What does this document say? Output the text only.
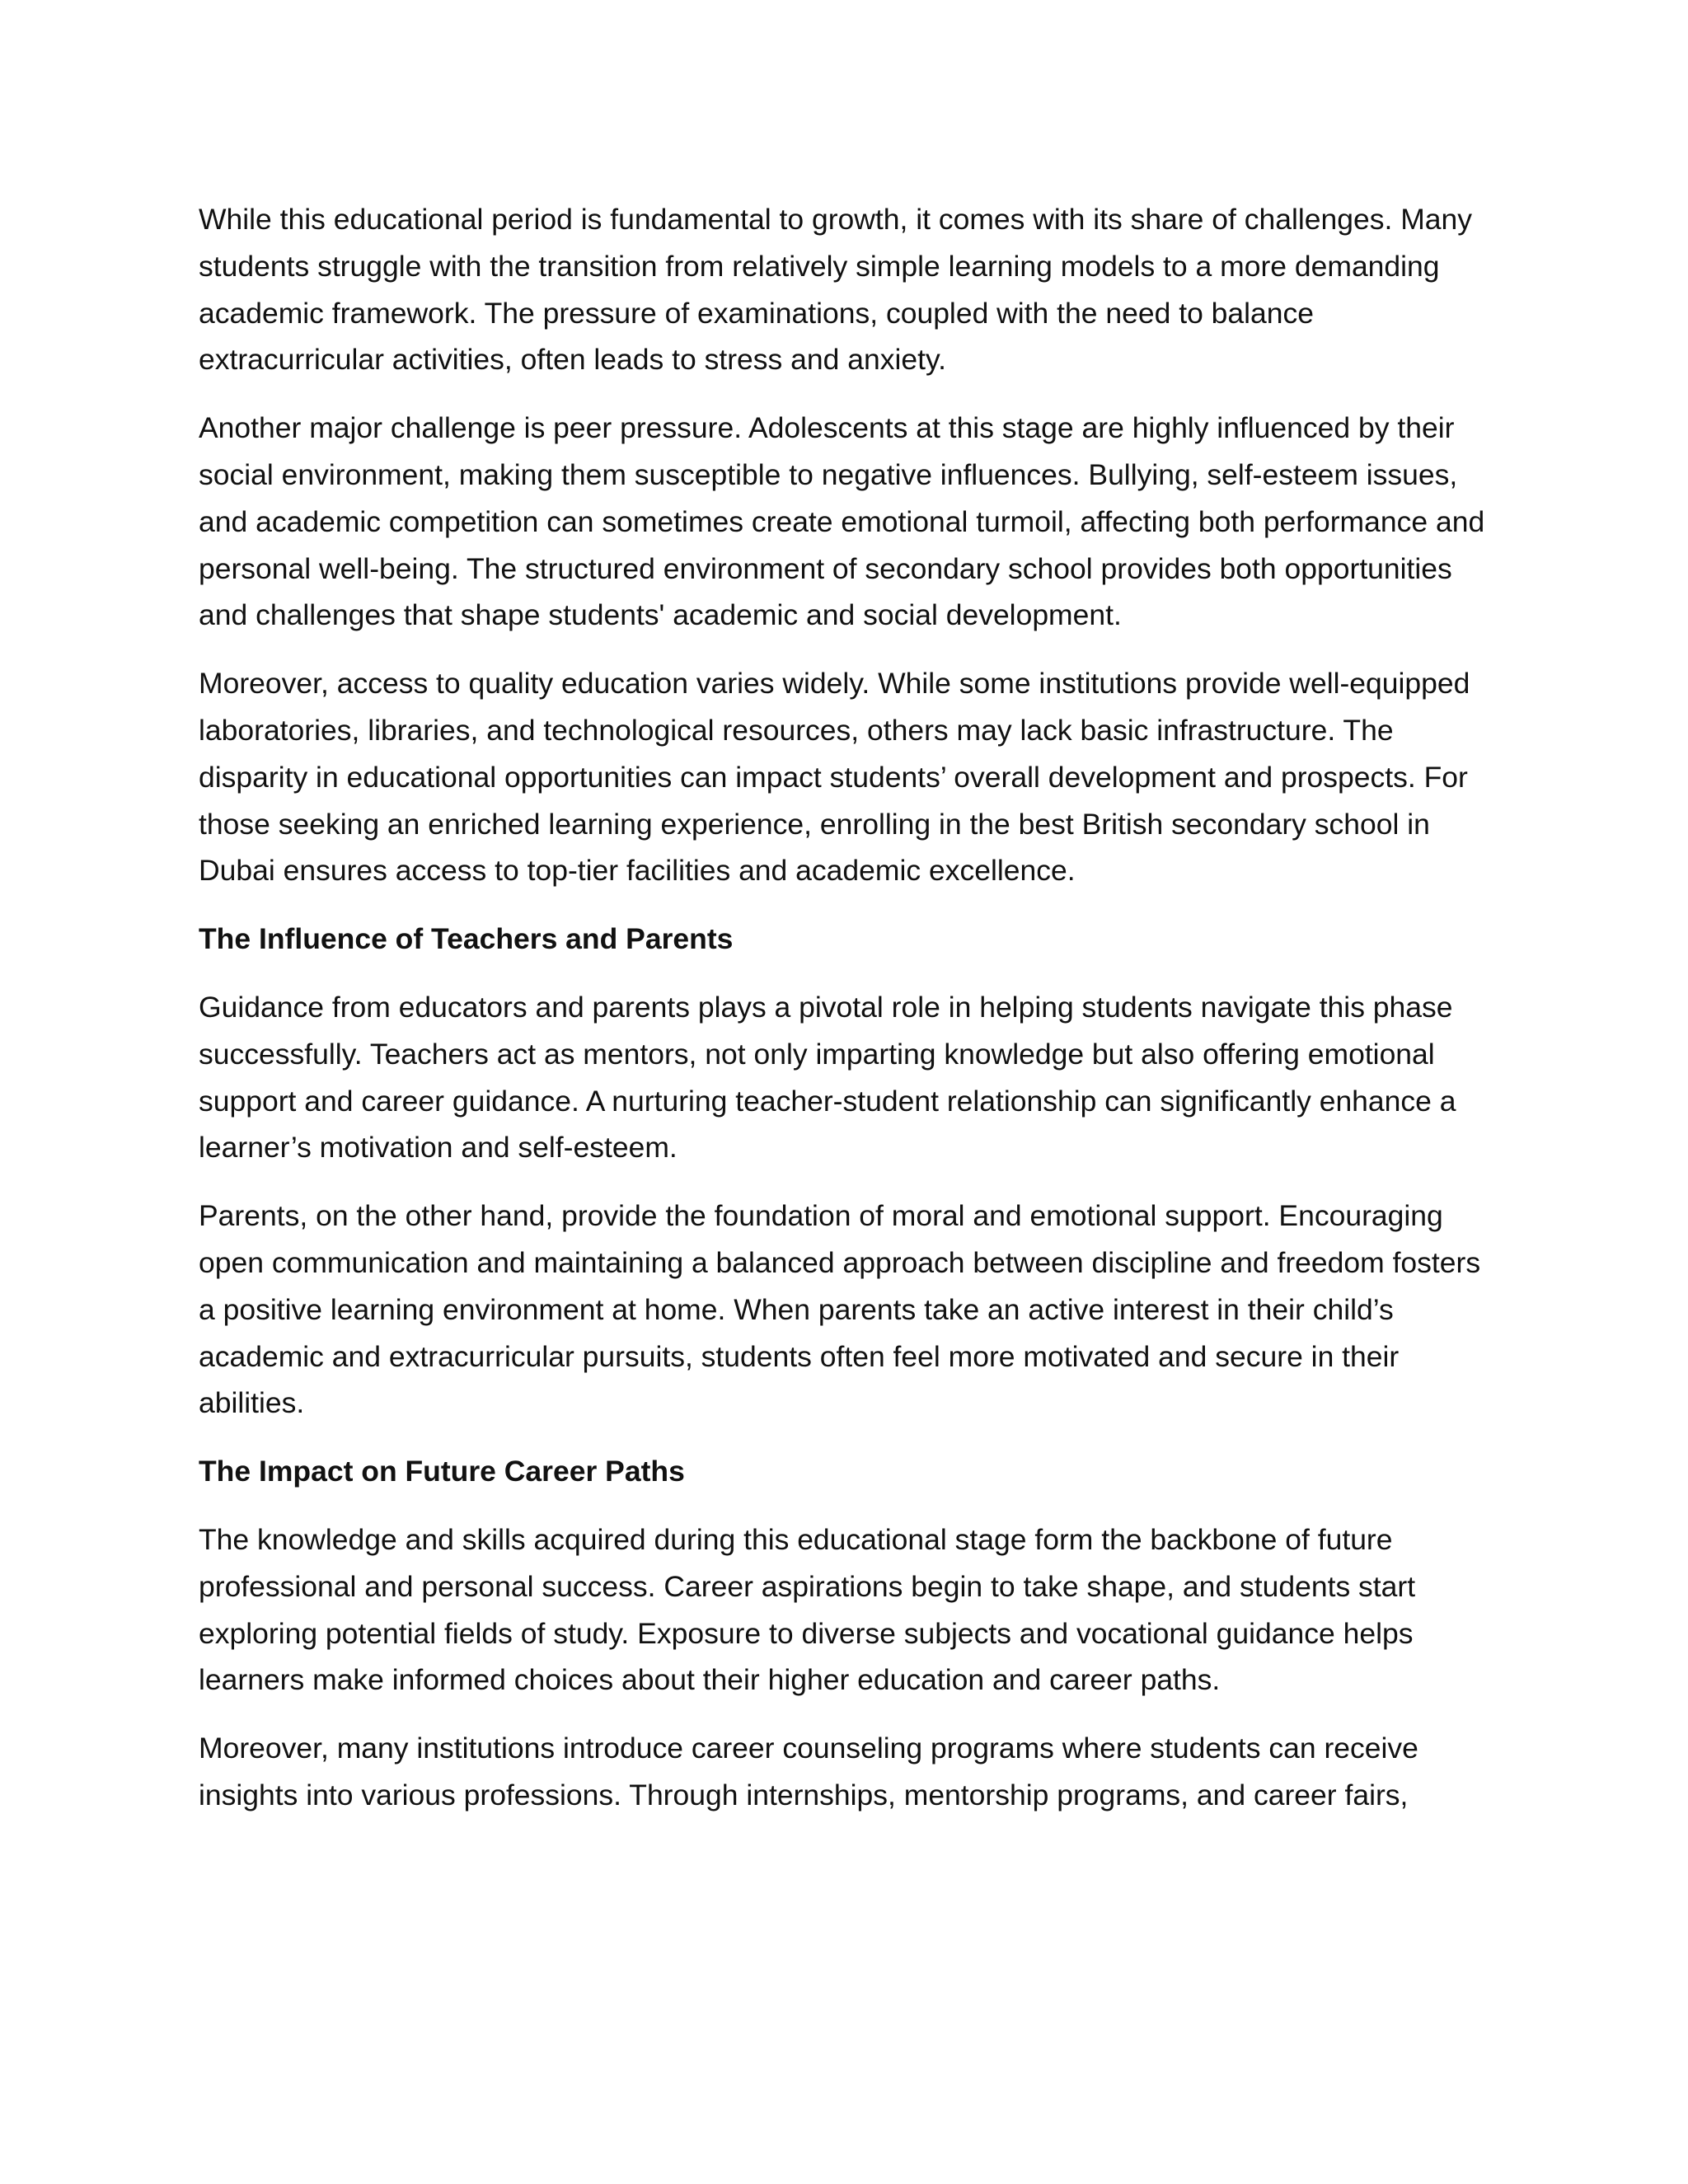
While this educational period is fundamental to growth, it comes with its share of challenges. Many students struggle with the transition from relatively simple learning models to a more demanding academic framework. The pressure of examinations, coupled with the need to balance extracurricular activities, often leads to stress and anxiety.

Another major challenge is peer pressure. Adolescents at this stage are highly influenced by their social environment, making them susceptible to negative influences. Bullying, self-esteem issues, and academic competition can sometimes create emotional turmoil, affecting both performance and personal well-being. The structured environment of secondary school provides both opportunities and challenges that shape students' academic and social development.

Moreover, access to quality education varies widely. While some institutions provide well-equipped laboratories, libraries, and technological resources, others may lack basic infrastructure. The disparity in educational opportunities can impact students’ overall development and prospects. For those seeking an enriched learning experience, enrolling in the best British secondary school in Dubai ensures access to top-tier facilities and academic excellence.

The Influence of Teachers and Parents

Guidance from educators and parents plays a pivotal role in helping students navigate this phase successfully. Teachers act as mentors, not only imparting knowledge but also offering emotional support and career guidance. A nurturing teacher-student relationship can significantly enhance a learner’s motivation and self-esteem.

Parents, on the other hand, provide the foundation of moral and emotional support. Encouraging open communication and maintaining a balanced approach between discipline and freedom fosters a positive learning environment at home. When parents take an active interest in their child’s academic and extracurricular pursuits, students often feel more motivated and secure in their abilities.

The Impact on Future Career Paths

The knowledge and skills acquired during this educational stage form the backbone of future professional and personal success. Career aspirations begin to take shape, and students start exploring potential fields of study. Exposure to diverse subjects and vocational guidance helps learners make informed choices about their higher education and career paths.

Moreover, many institutions introduce career counseling programs where students can receive insights into various professions. Through internships, mentorship programs, and career fairs,
